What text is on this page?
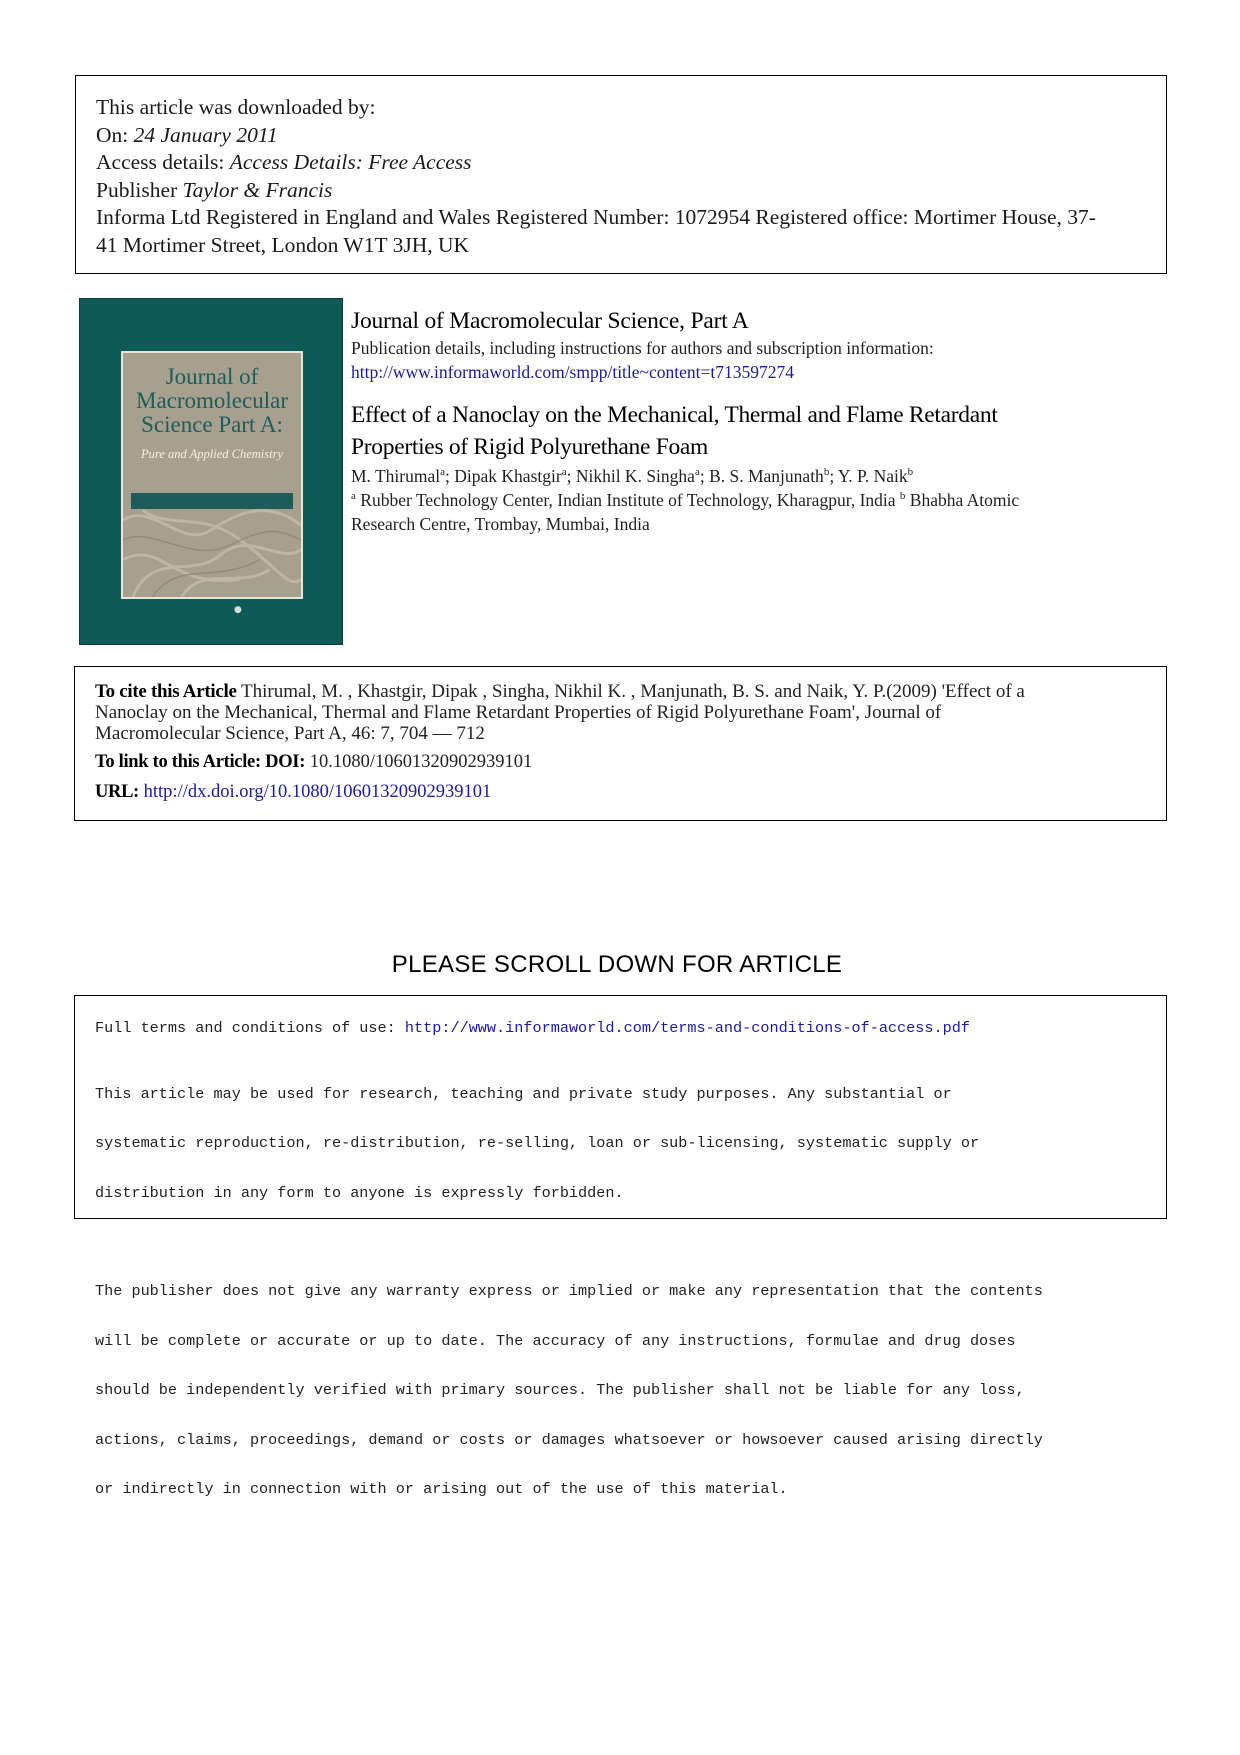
This article was downloaded by:
On: 24 January 2011
Access details: Access Details: Free Access
Publisher Taylor & Francis
Informa Ltd Registered in England and Wales Registered Number: 1072954 Registered office: Mortimer House, 37-
41 Mortimer Street, London W1T 3JH, UK
Journal of Macromolecular Science Part A:
Pure and Applied Chemistry
●
Journal of Macromolecular Science, Part A
Publication details, including instructions for authors and subscription information:
http://www.informaworld.com/smpp/title~content=t713597274
Effect of a Nanoclay on the Mechanical, Thermal and Flame Retardant
Properties of Rigid Polyurethane Foam
M. Thirumal$^a$; Dipak Khastgir$^a$; Nikhil K. Singha$^a$; B. S. Manjunath$^b$; Y. P. Naik$^b$
$^a$ Rubber Technology Center, Indian Institute of Technology, Kharagpur, India $^b$ Bhabha Atomic
Research Centre, Trombay, Mumbai, India
To cite this Article Thirumal, M. , Khastgir, Dipak , Singha, Nikhil K. , Manjunath, B. S. and Naik, Y. P.(2009) 'Effect of a
Nanoclay on the Mechanical, Thermal and Flame Retardant Properties of Rigid Polyurethane Foam', Journal of
Macromolecular Science, Part A, 46: 7, 704 — 712
To link to this Article: DOI: 10.1080/10601320902939101
URL: http://dx.doi.org/10.1080/10601320902939101
PLEASE SCROLL DOWN FOR ARTICLE
Full terms and conditions of use: http://www.informaworld.com/terms-and-conditions-of-access.pdf

This article may be used for research, teaching and private study purposes. Any substantial or

systematic reproduction, re-distribution, re-selling, loan or sub-licensing, systematic supply or

distribution in any form to anyone is expressly forbidden.

The publisher does not give any warranty express or implied or make any representation that the contents

will be complete or accurate or up to date. The accuracy of any instructions, formulae and drug doses

should be independently verified with primary sources. The publisher shall not be liable for any loss,

actions, claims, proceedings, demand or costs or damages whatsoever or howsoever caused arising directly

or indirectly in connection with or arising out of the use of this material.
